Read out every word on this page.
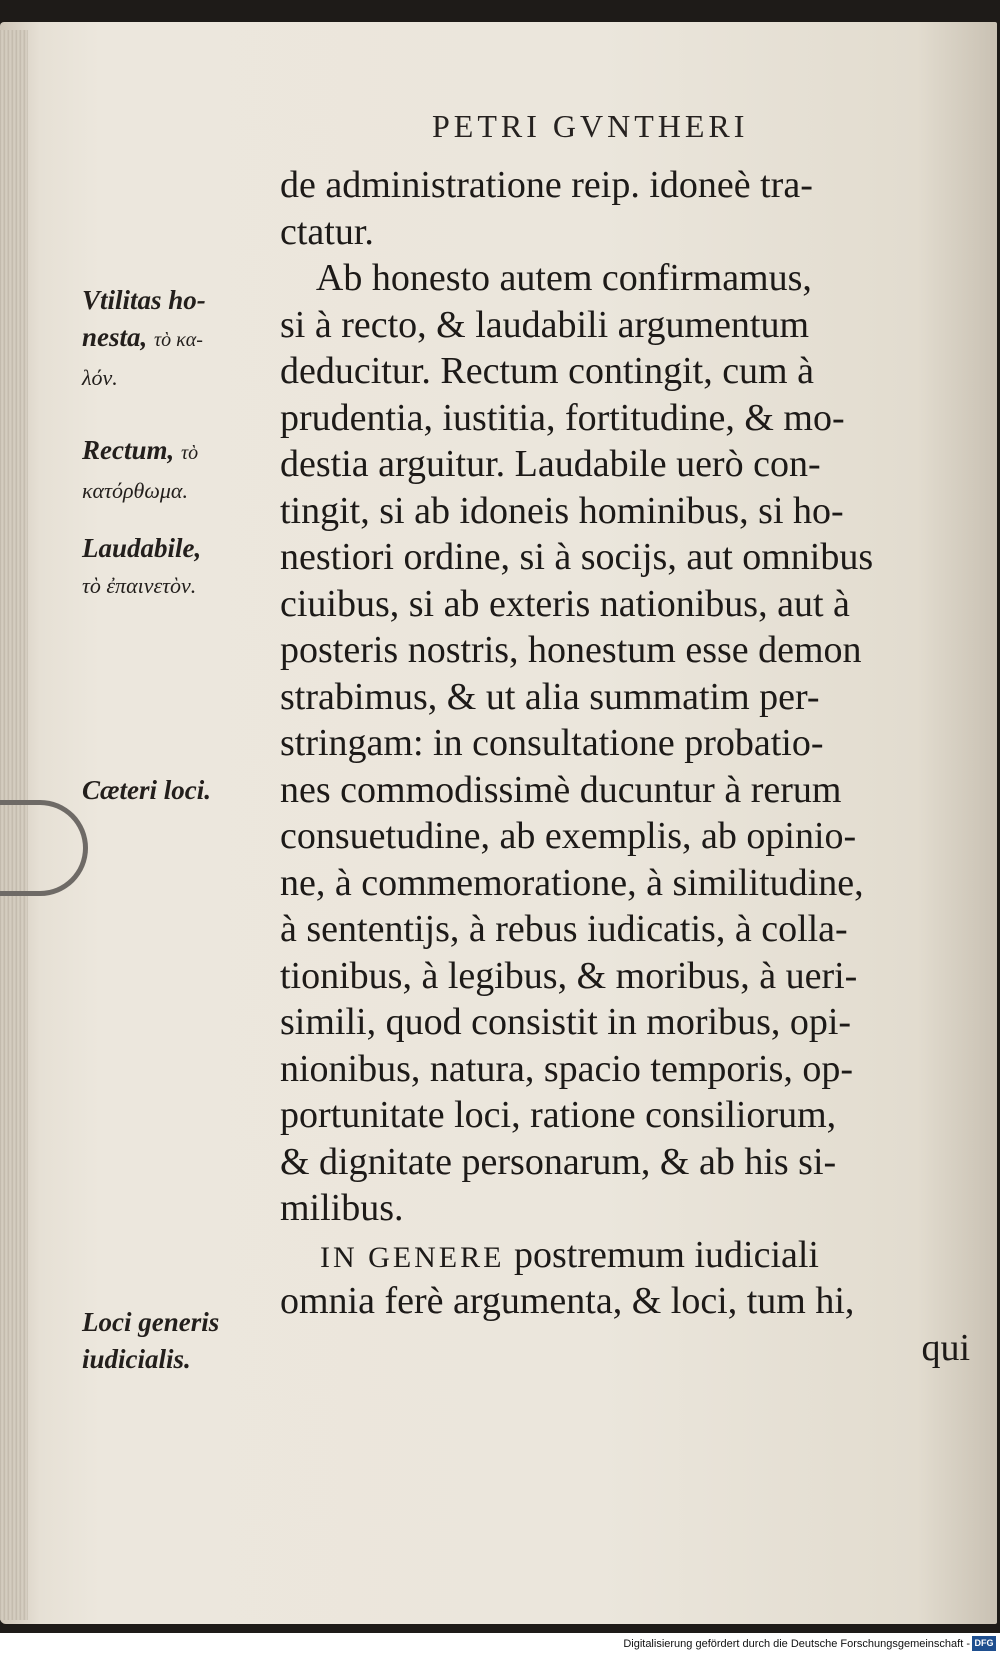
PETRI GVNTHERI
de administratione reip. idoneè tra-
ctatur.
Ab honesto autem confirmamus,
si à recto, & laudabili argumentum
deducitur. Rectum contingit, cum à
prudentia, iustitia, fortitudine, & mo-
destia arguitur. Laudabile uerò con-
tingit, si ab idoneis hominibus, si ho-
nestiori ordine, si à socijs, aut omnibus
ciuibus, si ab exteris nationibus, aut à
posteris nostris, honestum esse demon
strabimus, & ut alia summatim per-
stringam: in consultatione probatio-
nes commodissimè ducuntur à rerum
consuetudine, ab exemplis, ab opinio-
ne, à commemoratione, à similitudine,
à sententijs, à rebus iudicatis, à colla-
tionibus, à legibus, & moribus, à ueri-
simili, quod consistit in moribus, opi-
nionibus, natura, spacio temporis, op-
portunitate loci, ratione consiliorum,
& dignitate personarum, & ab his si-
milibus.
IN GENERE postremum iudiciali
omnia ferè argumenta, & loci, tum hi,
qui
Vtilitas ho-
nesta, τὸ κα-
λόν.
Rectum, τὸ
κατόρθωμα.
Laudabile,
τὸ ἐπαινετὸν.
Cæteri loci.
Loci generis
iudicialis.
Digitalisierung gefördert durch die Deutsche Forschungsgemeinschaft - DFG
